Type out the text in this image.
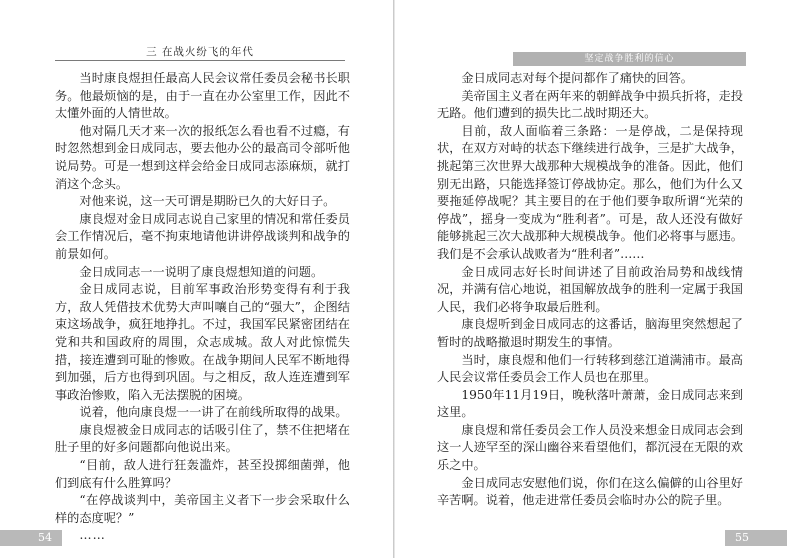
三 在战火纷飞的年代

当时康良煜担任最高人民会议常任委员会秘书长职务。他最烦恼的是，由于一直在办公室里工作，因此不太懂外面的人情世故。

他对隔几天才来一次的报纸怎么看也看不过瘾，有时忽然想到金日成同志，要去他办公的最高司令部听他说局势。可是一想到这样会给金日成同志添麻烦，就打消这个念头。

对他来说，这一天可谓是期盼已久的大好日子。

康良煜对金日成同志说自己家里的情况和常任委员会工作情况后，毫不拘束地请他讲讲停战谈判和战争的前景如何。

金日成同志一一说明了康良煜想知道的问题。

金日成同志说，目前军事政治形势变得有利于我方，敌人凭借技术优势大声叫嚷自己的“强大”，企图结束这场战争，疯狂地挣扎。不过，我国军民紧密团结在党和共和国政府的周围，众志成城。敌人对此惊慌失措，接连遭到可耻的惨败。在战争期间人民军不断地得到加强，后方也得到巩固。与之相反，敌人连连遭到军事政治惨败，陷入无法摆脱的困境。

说着，他向康良煜一一讲了在前线所取得的战果。

康良煜被金日成同志的话吸引住了，禁不住把堵在肚子里的好多问题都向他说出来。

“目前，敌人进行狂轰滥炸，甚至投掷细菌弹，他们到底有什么胜算吗？

“在停战谈判中，美帝国主义者下一步会采取什么样的态度呢？”

……

54
坚定战争胜利的信心

金日成同志对每个提问都作了痛快的回答。

美帝国主义者在两年来的朝鲜战争中损兵折将，走投无路。他们遭到的损失比二战时期还大。

目前，敌人面临着三条路：一是停战，二是保持现状，在双方对峙的状态下继续进行战争，三是扩大战争，挑起第三次世界大战那种大规模战争的准备。因此，他们别无出路，只能选择签订停战协定。那么，他们为什么又要拖延停战呢？其主要目的在于他们要争取所谓“光荣的停战”，摇身一变成为“胜利者”。可是，敌人还没有做好能够挑起三次大战那种大规模战争。他们必将事与愿违。我们是不会承认战败者为“胜利者”……

金日成同志好长时间讲述了目前政治局势和战线情况，并满有信心地说，祖国解放战争的胜利一定属于我国人民，我们必将争取最后胜利。

康良煜听到金日成同志的这番话，脑海里突然想起了暂时的战略撤退时期发生的事情。

当时，康良煜和他们一行转移到慈江道满浦市。最高人民会议常任委员会工作人员也在那里。

1950年11月19日，晚秋落叶萧萧，金日成同志来到这里。

康良煜和常任委员会工作人员没来想金日成同志会到这一人迹罕至的深山幽谷来看望他们，都沉浸在无限的欢乐之中。

金日成同志安慰他们说，你们在这么偏僻的山谷里好辛苦啊。说着，他走进常任委员会临时办公的院子里。

55
